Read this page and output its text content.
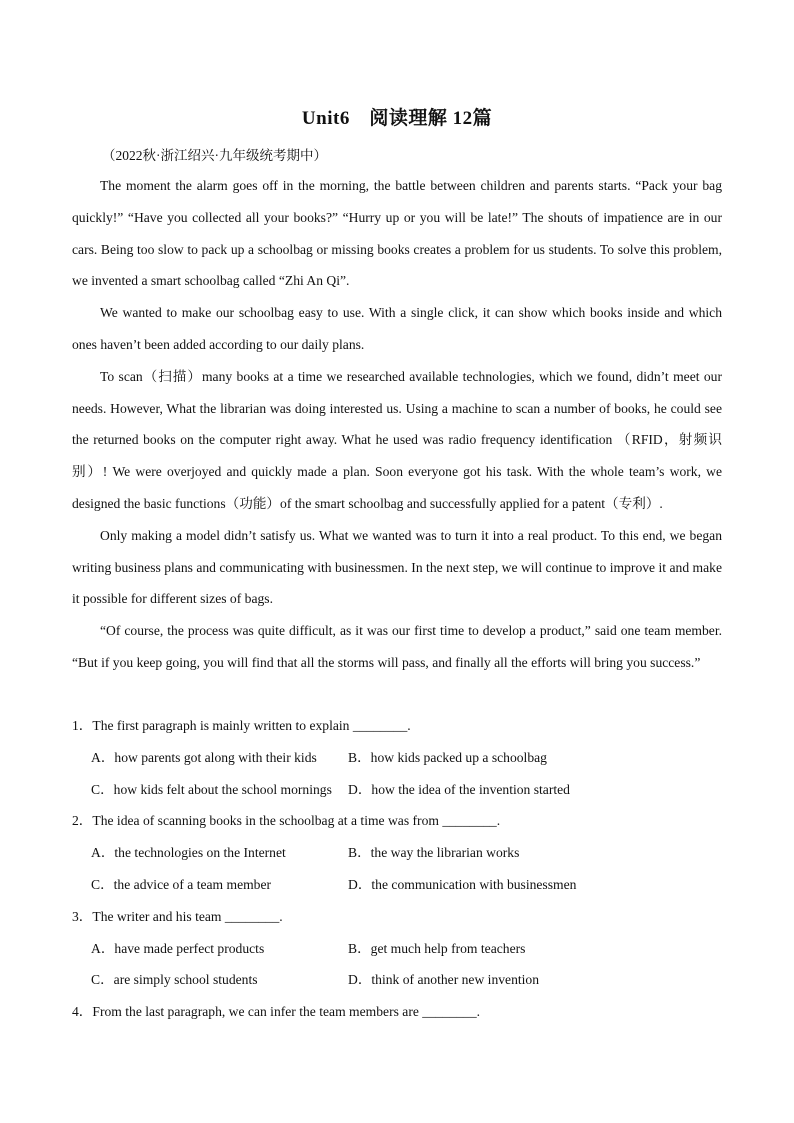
Unit6　阅读理解 12篇
（2022秋·浙江绍兴·九年级统考期中）

The moment the alarm goes off in the morning, the battle between children and parents starts. “Pack your bag quickly!” “Have you collected all your books?” “Hurry up or you will be late!” The shouts of impatience are in our cars. Being too slow to pack up a schoolbag or missing books creates a problem for us students. To solve this problem, we invented a smart schoolbag called “Zhi An Qi”.

We wanted to make our schoolbag easy to use. With a single click, it can show which books inside and which ones haven’t been added according to our daily plans.

To scan（扫描）many books at a time we researched available technologies, which we found, didn’t meet our needs. However, What the librarian was doing interested us. Using a machine to scan a number of books, he could see the returned books on the computer right away. What he used was radio frequency identification （RFID，射频识别）! We were overjoyed and quickly made a plan. Soon everyone got his task. With the whole team’s work, we designed the basic functions（功能）of the smart schoolbag and successfully applied for a patent（专利）.

Only making a model didn’t satisfy us. What we wanted was to turn it into a real product. To this end, we began writing business plans and communicating with businessmen. In the next step, we will continue to improve it and make it possible for different sizes of bags.

“Of course, the process was quite difficult, as it was our first time to develop a product,” said one team member. “But if you keep going, you will find that all the storms will pass, and finally all the efforts will bring you success.”

1．The first paragraph is mainly written to explain ________.

A．how parents got along with their kids	B．how kids packed up a schoolbag
C．how kids felt about the school mornings	D．how the idea of the invention started

2．The idea of scanning books in the schoolbag at a time was from ________.

A．the technologies on the Internet	B．the way the librarian works
C．the advice of a team member	D．the communication with businessmen

3．The writer and his team ________.

A．have made perfect products	B．get much help from teachers
C．are simply school students	D．think of another new invention

4．From the last paragraph, we can infer the team members are ________.
